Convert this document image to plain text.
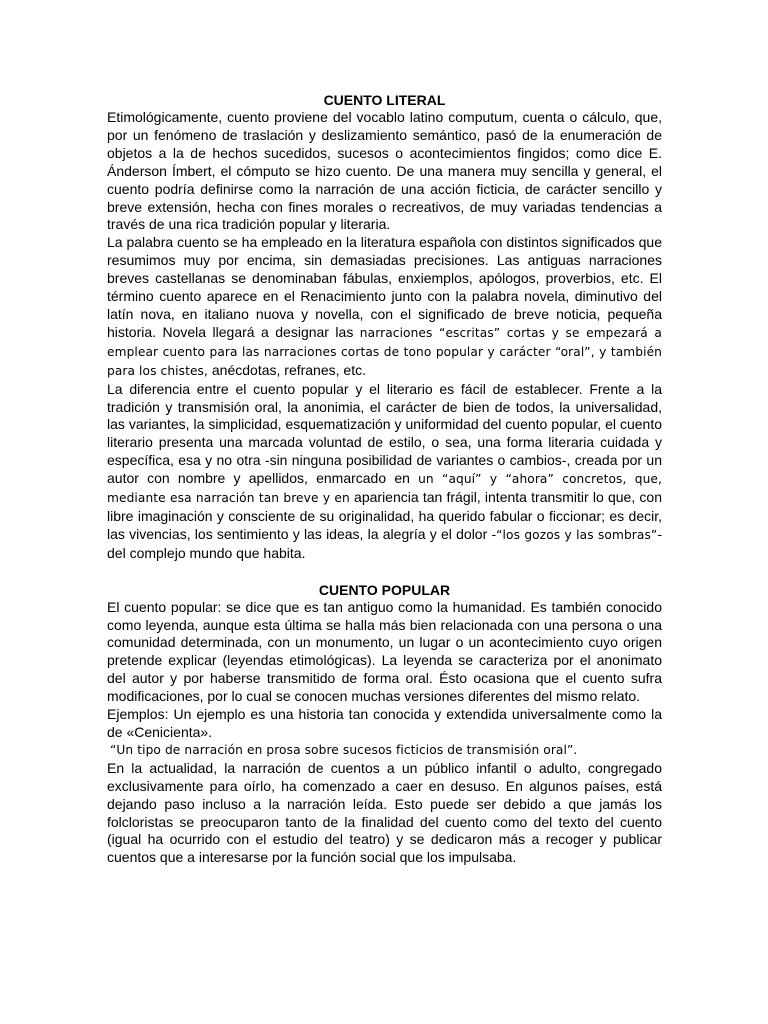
CUENTO LITERAL

Etimológicamente, cuento proviene del vocablo latino computum, cuenta o cálculo, que, por un fenómeno de traslación y deslizamiento semántico, pasó de la enumeración de objetos a la de hechos sucedidos, sucesos o acontecimientos fingidos; como dice E. Ánderson Ímbert, el cómputo se hizo cuento. De una manera muy sencilla y general, el cuento podría definirse como la narración de una acción ficticia, de carácter sencillo y breve extensión, hecha con fines morales o recreativos, de muy variadas tendencias a través de una rica tradición popular y literaria.

La palabra cuento se ha empleado en la literatura española con distintos significados que resumimos muy por encima, sin demasiadas precisiones. Las antiguas narraciones breves castellanas se denominaban fábulas, enxiemplos, apólogos, proverbios, etc. El término cuento aparece en el Renacimiento junto con la palabra novela, diminutivo del latín nova, en italiano nuova y novella, con el significado de breve noticia, pequeña historia. Novela llegará a designar las narraciones “escritas” cortas y se empezará a emplear cuento para las narraciones cortas de tono popular y carácter “oral”, y también para los chistes, anécdotas, refranes, etc.

La diferencia entre el cuento popular y el literario es fácil de establecer. Frente a la tradición y transmisión oral, la anonimia, el carácter de bien de todos, la universalidad, las variantes, la simplicidad, esquematización y uniformidad del cuento popular, el cuento literario presenta una marcada voluntad de estilo, o sea, una forma literaria cuidada y específica, esa y no otra -sin ninguna posibilidad de variantes o cambios-, creada por un autor con nombre y apellidos, enmarcado en un “aquí” y “ahora” concretos, que, mediante esa narración tan breve y en apariencia tan frágil, intenta transmitir lo que, con libre imaginación y consciente de su originalidad, ha querido fabular o ficcionar; es decir, las vivencias, los sentimiento y las ideas, la alegría y el dolor -“los gozos y las sombras”- del complejo mundo que habita.

CUENTO POPULAR

El cuento popular: se dice que es tan antiguo como la humanidad. Es también conocido como leyenda, aunque esta última se halla más bien relacionada con una persona o una comunidad determinada, con un monumento, un lugar o un acontecimiento cuyo origen pretende explicar (leyendas etimológicas). La leyenda se caracteriza por el anonimato del autor y por haberse transmitido de forma oral. Ésto ocasiona que el cuento sufra modificaciones, por lo cual se conocen muchas versiones diferentes del mismo relato.

Ejemplos: Un ejemplo es una historia tan conocida y extendida universalmente como la de «Cenicienta».

“Un tipo de narración en prosa sobre sucesos ficticios de transmisión oral”.

En la actualidad, la narración de cuentos a un público infantil o adulto, congregado exclusivamente para oírlo, ha comenzado a caer en desuso. En algunos países, está dejando paso incluso a la narración leída. Esto puede ser debido a que jamás los folcloristas se preocuparon tanto de la finalidad del cuento como del texto del cuento (igual ha ocurrido con el estudio del teatro) y se dedicaron más a recoger y publicar cuentos que a interesarse por la función social que los impulsaba.
